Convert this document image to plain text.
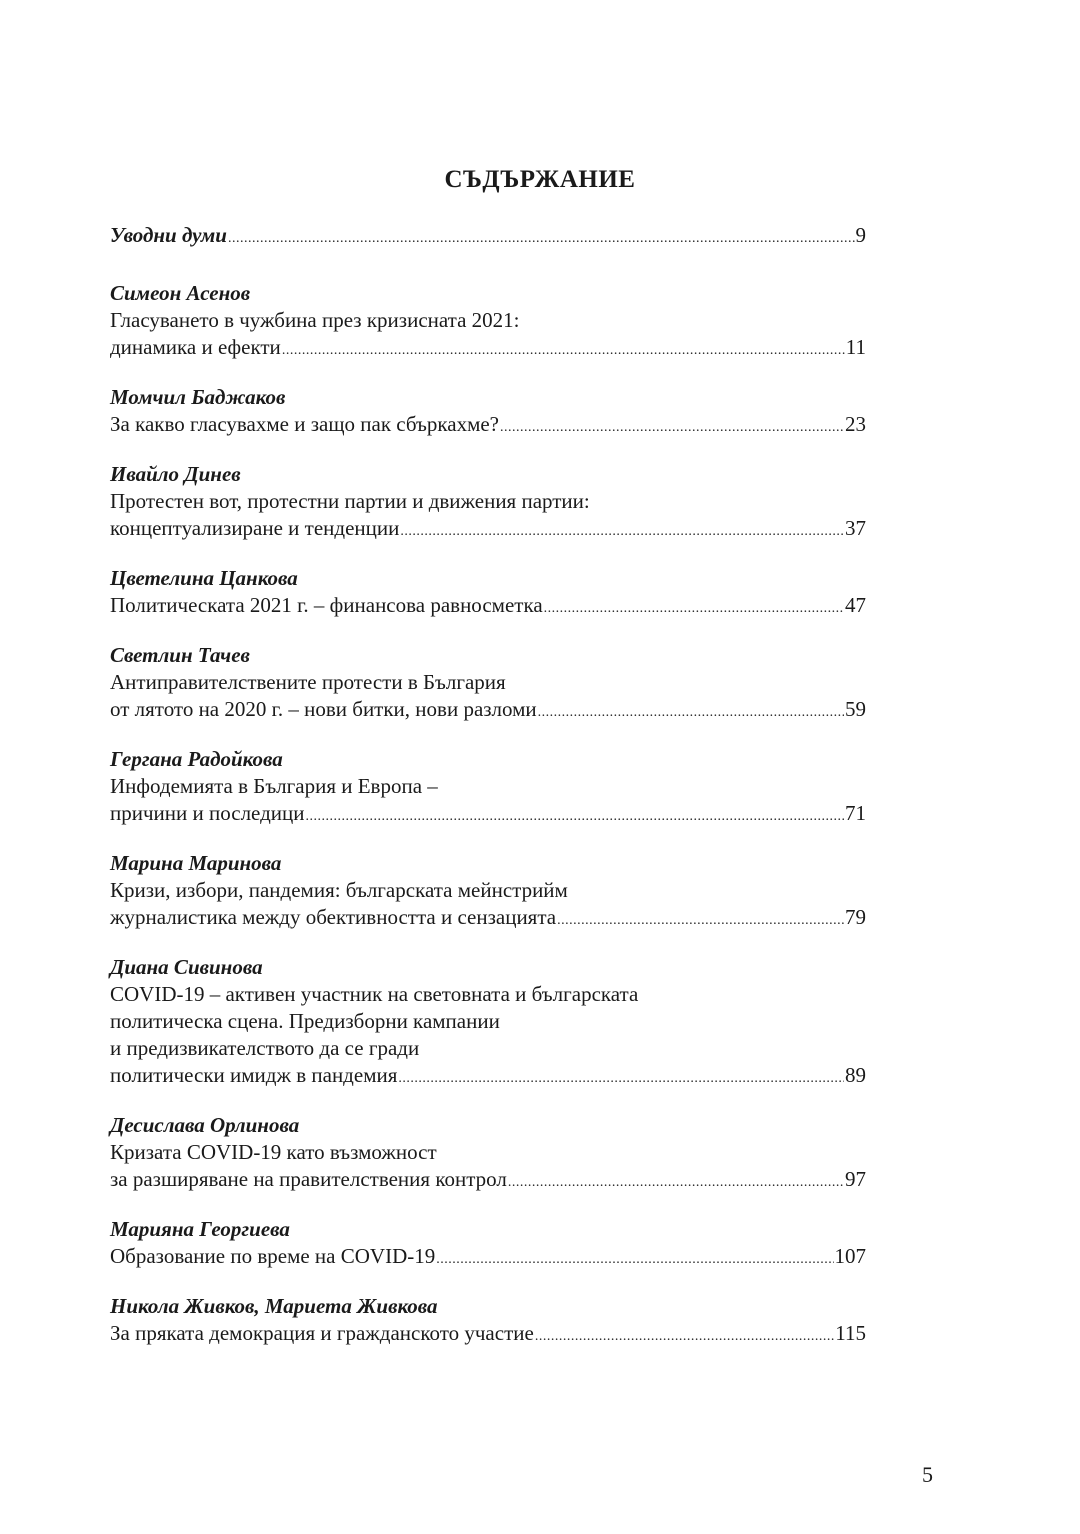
СЪДЪРЖАНИЕ
Уводни думи .....	9
Симеон Асенов
Гласуването в чужбина през кризисната 2021:
динамика и ефекти .....	11
Момчил Баджаков
За какво гласувахме и защо пак сбъркахме? .....	23
Ивайло Динев
Протестен вот, протестни партии и движения партии:
концептуализиране и тенденции .....	37
Цветелина Цанкова
Политическата 2021 г. – финансова равносметка .....	47
Светлин Тачев
Антиправителствените протести в България
от лятото на 2020 г. – нови битки, нови разломи .....	59
Гергана Радойкова
Инфодемията в България и Европа –
причини и последици .....	71
Марина Маринова
Кризи, избори, пандемия: българската мейнстрийм
журналистика между обективността и сензацията .....	79
Диана Сивинова
COVID-19 – активен участник на световната и българската
политическа сцена. Предизборни кампании
и предизвикателството да се гради
политически имидж в пандемия .....	89
Десислава Орлинова
Кризата COVID-19 като възможност
за разширяване на правителствения контрол .....	97
Марияна Георгиева
Образование по време на COVID-19 .....	107
Никола Живков, Мариета Живкова
За пряката демокрация и гражданското участие .....	115
5
